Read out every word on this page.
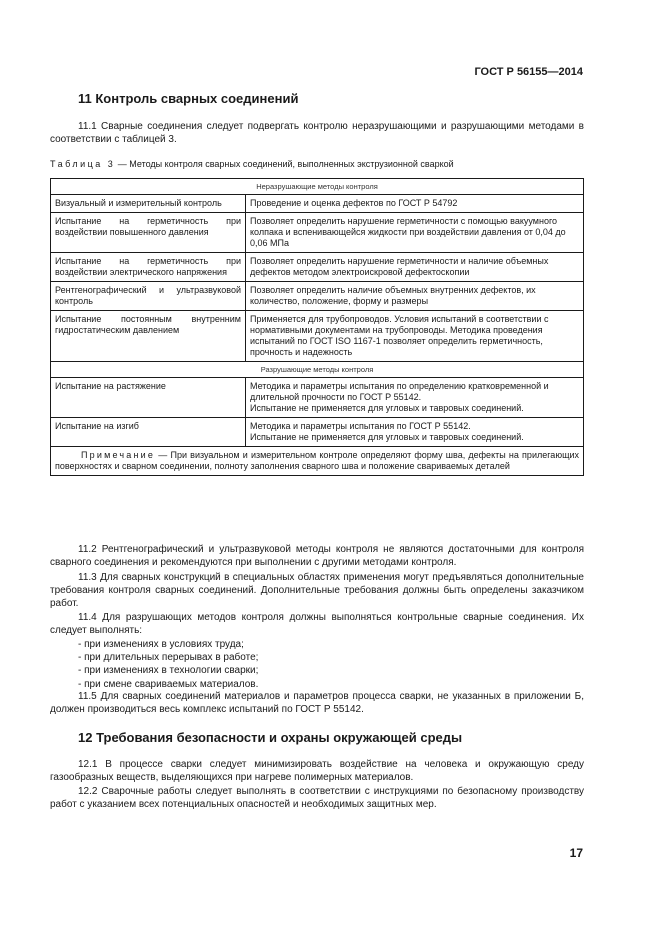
ГОСТ Р 56155—2014
11 Контроль сварных соединений
11.1 Сварные соединения следует подвергать контролю неразрушающими и разрушающими методами в соответствии с таблицей 3.
Таблица 3 — Методы контроля сварных соединений, выполненных экструзионной сваркой
Неразрушающие методы контроля	
Визуальный и измерительный контроль	Проведение и оценка дефектов по ГОСТ Р 54792
Испытание на герметичность при воздействии повышенного давления	Позволяет определить нарушение герметичности с помощью вакуумного колпака и вспенивающейся жидкости при воздействии давления от 0,04 до 0,06 МПа
Испытание на герметичность при воздействии электрического напряжения	Позволяет определить нарушение герметичности и наличие объемных дефектов методом электроискровой дефектоскопии
Рентгенографический и ультразвуковой контроль	Позволяет определить наличие объемных внутренних дефектов, их количество, положение, форму и размеры
Испытание постоянным внутренним гидростатическим давлением	Применяется для трубопроводов. Условия испытаний в соответствии с нормативными документами на трубопроводы. Методика проведения испытаний по ГОСТ ISO 1167-1 позволяет определить герметичность, прочность и надежность
Разрушающие методы контроля	
Испытание на растяжение	Методика и параметры испытания по определению кратковременной и длительной прочности по ГОСТ Р 55142.
Испытание не применяется для угловых и тавровых соединений.

Испытание на изгиб	Методика и параметры испытания по ГОСТ Р 55142.
Испытание не применяется для угловых и тавровых соединений.

Примечание — При визуальном и измерительном контроле определяют форму шва, дефекты на прилегающих поверхностях и сварном соединении, полноту заполнения сварного шва и положение свариваемых деталей	
11.2 Рентгенографический и ультразвуковой методы контроля не являются достаточными для контроля сварного соединения и рекомендуются при выполнении с другими методами контроля.
11.3 Для сварных конструкций в специальных областях применения могут предъявляться дополнительные требования контроля сварных соединений. Дополнительные требования должны быть определены заказчиком работ.
11.4 Для разрушающих методов контроля должны выполняться контрольные сварные соединения. Их следует выполнять:
- при изменениях в условиях труда;
- при длительных перерывах в работе;
- при изменениях в технологии сварки;
- при смене свариваемых материалов.
11.5 Для сварных соединений материалов и параметров процесса сварки, не указанных в приложении Б, должен производиться весь комплекс испытаний по ГОСТ Р 55142.
12 Требования безопасности и охраны окружающей среды
12.1 В процессе сварки следует минимизировать воздействие на человека и окружающую среду газообразных веществ, выделяющихся при нагреве полимерных материалов.
12.2 Сварочные работы следует выполнять в соответствии с инструкциями по безопасному производству работ с указанием всех потенциальных опасностей и необходимых защитных мер.
17
